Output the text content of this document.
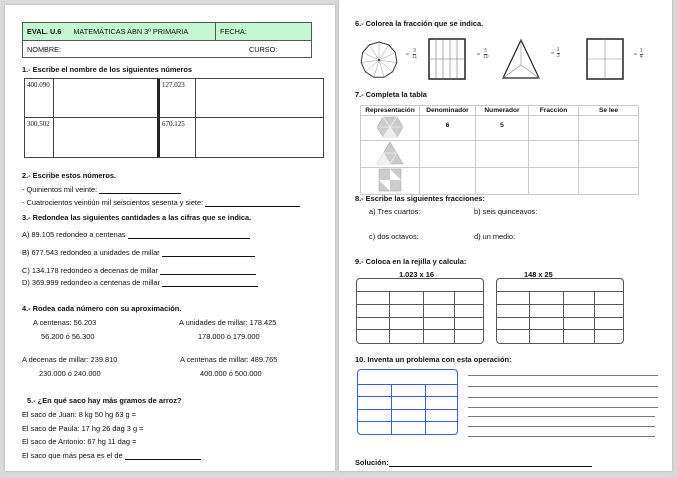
EVAL. U.6 MATEMÁTICAS ABN 3º PRIMARIA	FECHA:
NOMBRE:	CURSO:
1.- Escribe el nombre de los siguientes números
400.090	127.023
300.502	670.125
2.- Escribe estos números.
- Quinientos mil veinte:
- Cuatrocientos veintiún mil seiscientos sesenta y siete:
3.- Redondea las siguientes cantidades a las cifras que se indica.
A) 89.105 redondeo a centenas
B) 677.543 redondeo a unidades de millar
C) 134.178 redondeo a decenas de millar
D) 369.999 redondeo a centenas de millar
4.- Rodea cada número con su aproximación.
A centenas: 56.203
56.200 ó 56.300
A unidades de millar: 178.425
178.000 ó 179.000
A decenas de millar: 239.810
230.000 ó 240.000
A centenas de millar: 489.765
400.000 ó 500.000
5.- ¿En qué saco hay más gramos de arroz?
El saco de Juan: 8 kg 50 hg 63 g =
El saco de Paula: 17 hg 26 dag 3 g =
El saco de Antonio: 67 hg 11 dag =
El saco que más pesa es el de
6.- Colorea la fracción que se indica.
= $\frac{3}{11}$	= $\frac{5}{10}$	= $\frac{1}{3}$	= $\frac{1}{4}$
7.- Completa la tabla
Representación	Denominador	Numerador	Fracción	Se lee
	6	5		

8.- Escribe las siguientes fracciones:
a) Tres cuartos:	b) seis quinceavos:
c) dos octavos:	d) un medio:
9.- Coloca en la rejilla y calcula:
1.023 x 16	148 x 25
10. Inventa un problema con esta operación:
Solución:
